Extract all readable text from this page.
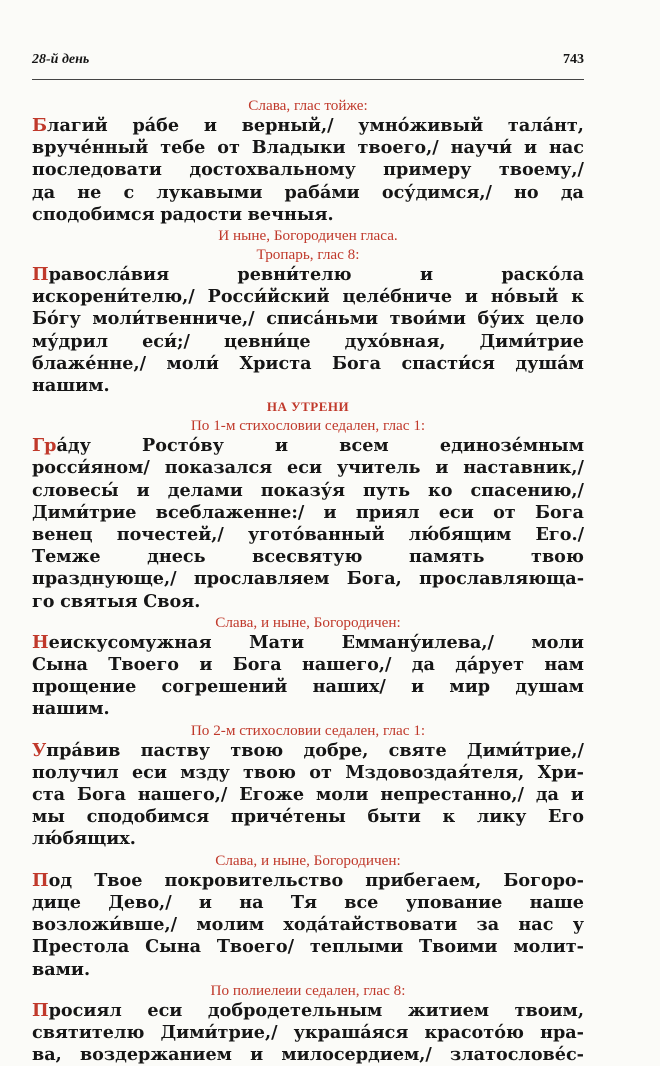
28-й день	743
Слава, глас тойже:
Благий ра́бе и верный,/ умно́живый тала́нт,
вруче́нный тебе от Владыки твоего,/ научи́ и нас
последовати достохвальному примеру твоему,/
да не с лукавыми раба́ми осу́димся,/ но да
сподобимся радости вечныя.
И ныне, Богородичен гласа.
Тропарь, глас 8:
Правосла́вия	ревни́телю	и	раско́ла
искорени́телю,/ Росси́йский целе́бниче и но́вый к
Бо́гу моли́твенниче,/ списа́ньми твои́ми бу́их цело
му́дрил еси́;/ цевни́це духо́вная, Дими́трие
блаже́нне,/ моли́ Христа Бога спасти́ся душа́м
нашим.
НА УТРЕНИ
По 1-м стихословии седален, глас 1:
Гра́ду	Росто́ву	и	всем	единозе́мным
росси́яном/ показался еси учитель и наставник,/
словесы́ и делами показу́я путь ко спасению,/
Дими́трие всеблаженне:/ и приял еси от Бога
венец почестей,/ угото́ванный лю́бящим Его./
Темже	днесь	всесвятую	память	твою
празднующе,/ прославляем Бога, прославляюща-
го святыя Своя.
Слава, и ныне, Богородичен:
Неискусомужная Мати Емману́илева,/ моли
Сына Твоего и Бога нашего,/ да да́рует нам
прощение согрешений наших/ и мир душам
нашим.
По 2-м стихословии седален, глас 1:
Упра́вив паству твою добре, святе Дими́трие,/
получил еси мзду твою от Мздовоздая́теля, Хри-
ста Бога нашего,/ Егоже моли непрестанно,/ да и
мы сподобимся приче́тены быти к лику Его
лю́бящих.
Слава, и ныне, Богородичен:
Под Твое покровительство прибегаем, Богоро-
дице Дево,/ и на Тя все упование наше
возложи́вше,/ молим хода́тайствовати за нас у
Престола Сына Твоего/ теплыми Твоими молит-
вами.
По полиелеии седален, глас 8:
Просиял еси добродетельным житием твоим,
святителю Дими́трие,/ украша́яся красото́ю нра-
ва, воздержанием и милосердием,/ златослове́с-
